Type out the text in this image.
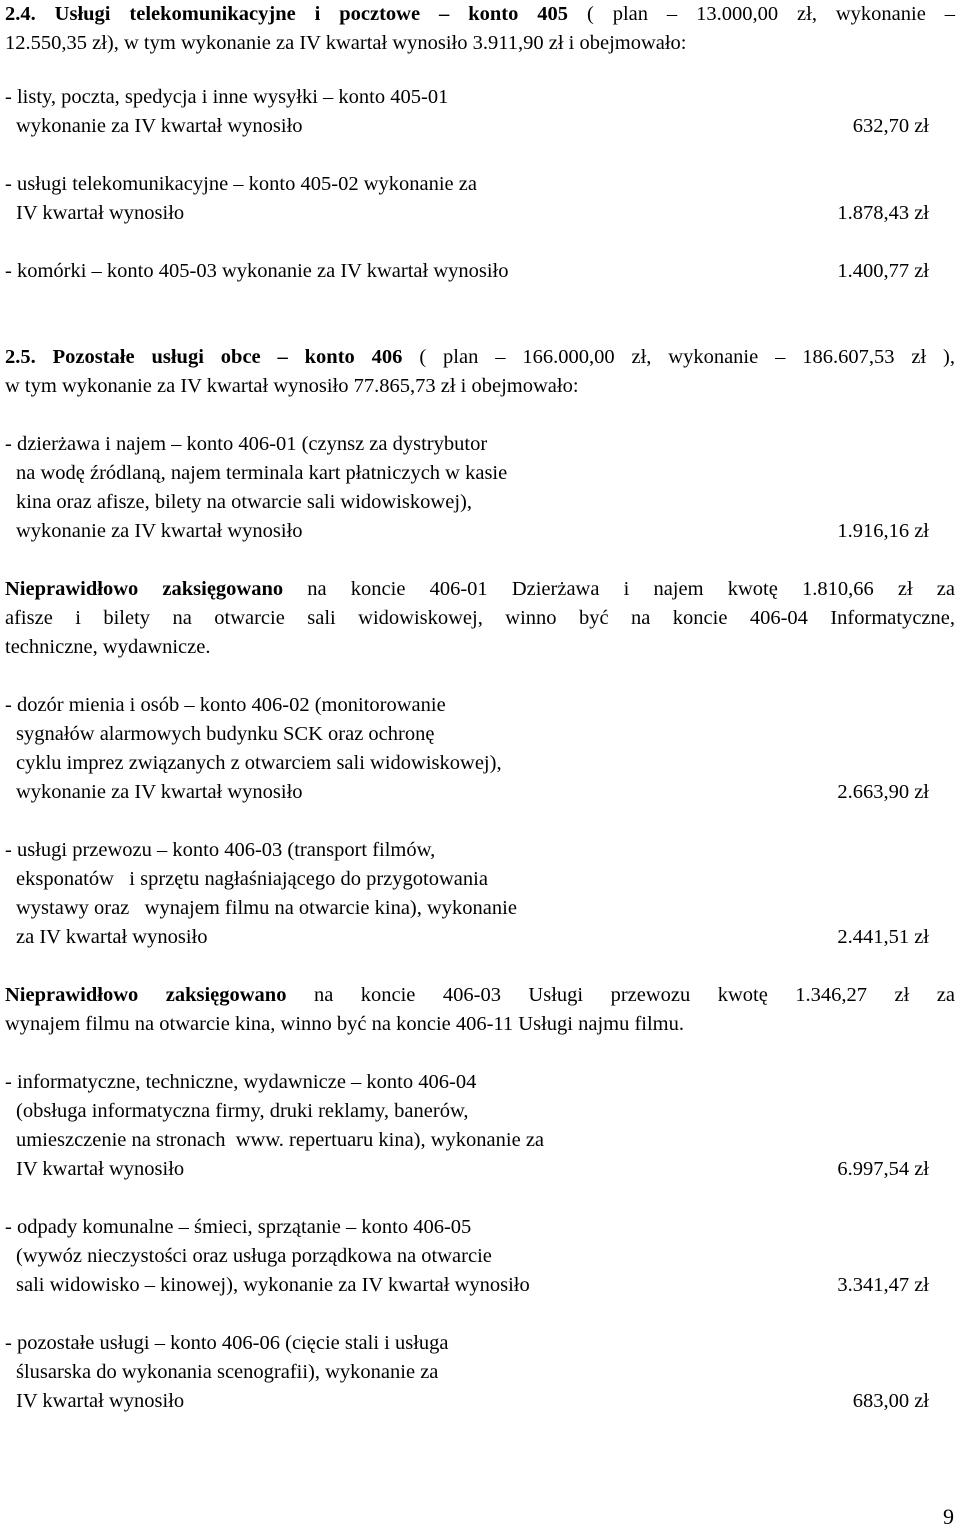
2.4. Usługi telekomunikacyjne i pocztowe – konto 405 ( plan – 13.000,00 zł, wykonanie –
12.550,35 zł), w tym wykonanie za IV kwartał wynosiło 3.911,90 zł i obejmowało:
- listy, poczta, spedycja i inne wysyłki – konto 405-01
wykonanie za IV kwartał wynosiło	632,70 zł
- usługi telekomunikacyjne – konto 405-02 wykonanie za
IV kwartał wynosiło	1.878,43 zł
- komórki – konto 405-03 wykonanie za IV kwartał wynosiło	1.400,77 zł
2.5. Pozostałe usługi obce – konto 406 ( plan – 166.000,00 zł, wykonanie – 186.607,53 zł ),
w tym wykonanie za IV kwartał wynosiło 77.865,73 zł i obejmowało:
- dzierżawa i najem – konto 406-01 (czynsz za dystrybutor
na wodę źródlaną, najem terminala kart płatniczych w kasie
kina oraz afisze, bilety na otwarcie sali widowiskowej),
wykonanie za IV kwartał wynosiło	1.916,16 zł
Nieprawidłowo zaksięgowano na koncie 406-01 Dzierżawa i najem kwotę 1.810,66 zł za
afisze i bilety na otwarcie sali widowiskowej, winno być na koncie 406-04 Informatyczne,
techniczne, wydawnicze.
- dozór mienia i osób – konto 406-02 (monitorowanie
sygnałów alarmowych budynku SCK oraz ochronę
cyklu imprez związanych z otwarciem sali widowiskowej),
wykonanie za IV kwartał wynosiło	2.663,90 zł
- usługi przewozu – konto 406-03 (transport filmów,
eksponatów   i sprzętu nagłaśniającego do przygotowania
wystawy oraz   wynajem filmu na otwarcie kina), wykonanie
za IV kwartał wynosiło	2.441,51 zł
Nieprawidłowo zaksięgowano na koncie 406-03 Usługi przewozu kwotę 1.346,27 zł za
wynajem filmu na otwarcie kina, winno być na koncie 406-11 Usługi najmu filmu.
- informatyczne, techniczne, wydawnicze – konto 406-04
(obsługa informatyczna firmy, druki reklamy, banerów,
umieszczenie na stronach  www. repertuaru kina), wykonanie za
IV kwartał wynosiło	6.997,54 zł
- odpady komunalne – śmieci, sprzątanie – konto 406-05
(wywóz nieczystości oraz usługa porządkowa na otwarcie
sali widowisko – kinowej), wykonanie za IV kwartał wynosiło	3.341,47 zł
- pozostałe usługi – konto 406-06 (cięcie stali i usługa
ślusarska do wykonania scenografii), wykonanie za
IV kwartał wynosiło	683,00 zł
9
